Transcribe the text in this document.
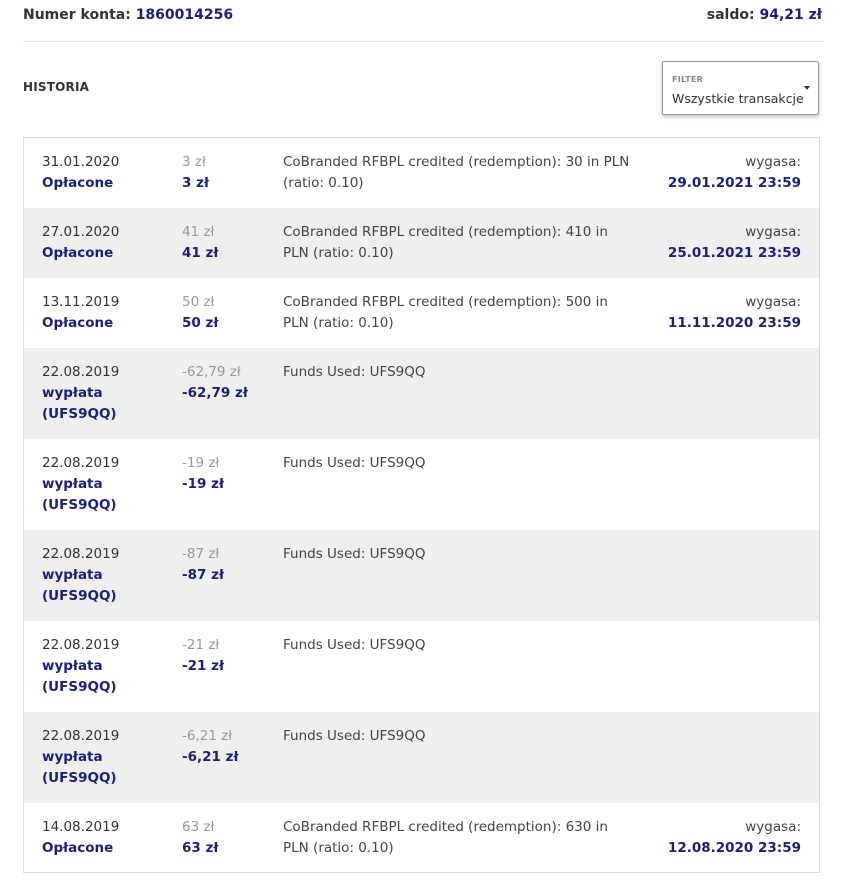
Numer konta: 1860014256	saldo: 94,21 zł
HISTORIA
FILTER
Wszystkie transakcje
31.01.2020
Opłacone
3 zł
3 zł
CoBranded RFBPL credited (redemption): 30 in PLN (ratio: 0.10)
wygasa:
29.01.2021 23:59
27.01.2020
Opłacone
41 zł
41 zł
CoBranded RFBPL credited (redemption): 410 in PLN (ratio: 0.10)
wygasa:
25.01.2021 23:59
13.11.2019
Opłacone
50 zł
50 zł
CoBranded RFBPL credited (redemption): 500 in PLN (ratio: 0.10)
wygasa:
11.11.2020 23:59
22.08.2019
wypłata (UFS9QQ)
-62,79 zł
-62,79 zł
Funds Used: UFS9QQ
22.08.2019
wypłata (UFS9QQ)
-19 zł
-19 zł
Funds Used: UFS9QQ
22.08.2019
wypłata (UFS9QQ)
-87 zł
-87 zł
Funds Used: UFS9QQ
22.08.2019
wypłata (UFS9QQ)
-21 zł
-21 zł
Funds Used: UFS9QQ
22.08.2019
wypłata (UFS9QQ)
-6,21 zł
-6,21 zł
Funds Used: UFS9QQ
14.08.2019
Opłacone
63 zł
63 zł
CoBranded RFBPL credited (redemption): 630 in PLN (ratio: 0.10)
wygasa:
12.08.2020 23:59
